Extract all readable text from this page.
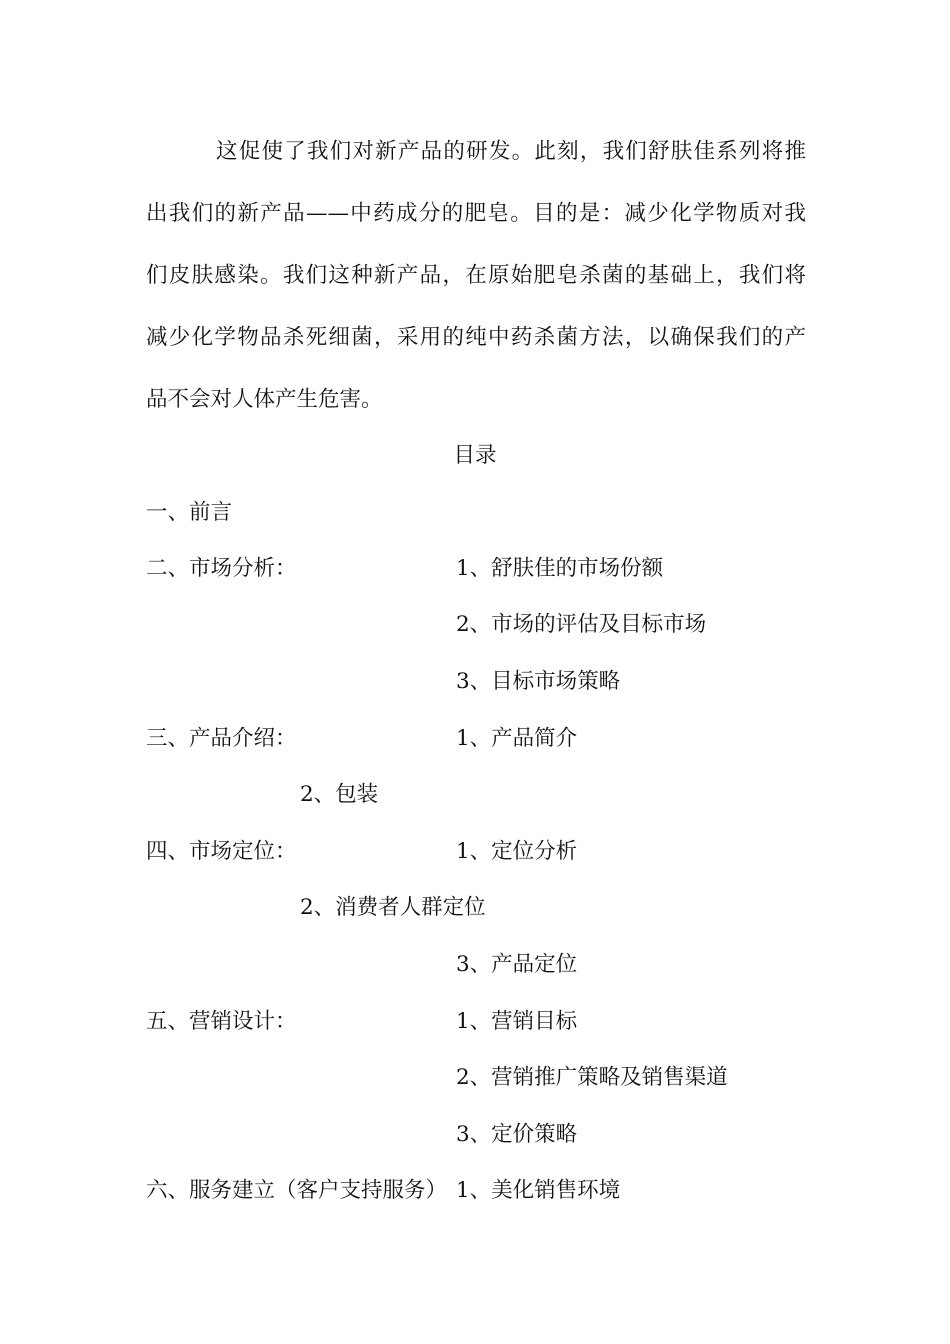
这促使了我们对新产品的研发。此刻，我们舒肤佳系列将推
出我们的新产品——中药成分的肥皂。目的是：减少化学物质对我
们皮肤感染。我们这种新产品，在原始肥皂杀菌的基础上，我们将
减少化学物品杀死细菌，采用的纯中药杀菌方法，以确保我们的产
品不会对人体产生危害。
目录
一、前言
二、市场分析：	1、舒肤佳的市场份额
2、市场的评估及目标市场
3、目标市场策略
三、产品介绍：	1、产品简介
2、包装
四、市场定位：	1、定位分析
2、消费者人群定位
3、产品定位
五、营销设计：	1、营销目标
2、营销推广策略及销售渠道
3、定价策略
六、服务建立（客户支持服务） 1、美化销售环境
